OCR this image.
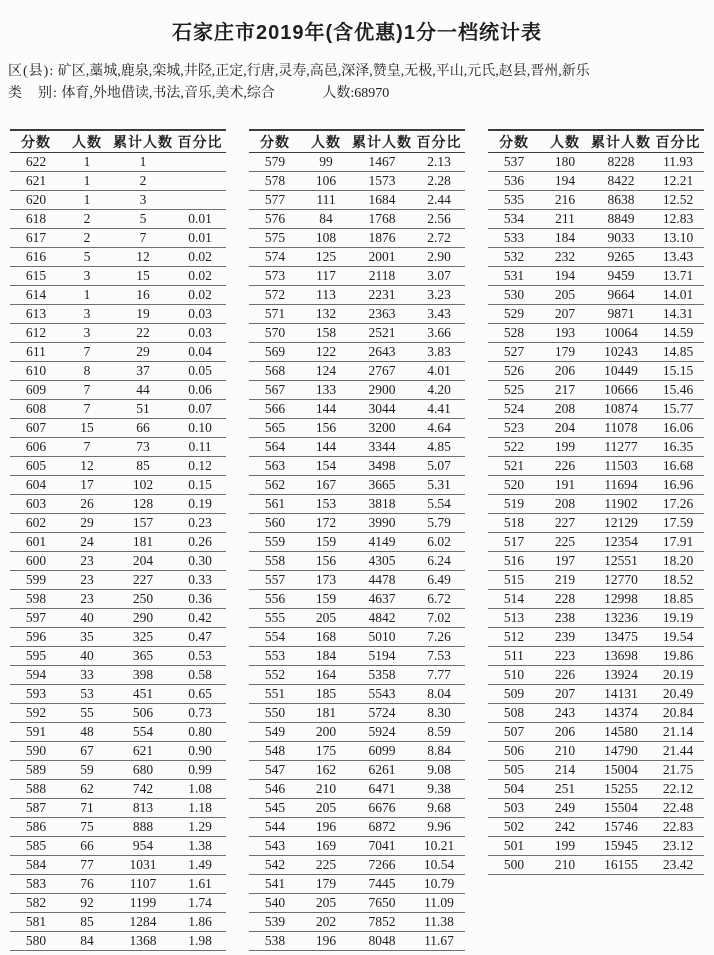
石家庄市2019年(含优惠)1分一档统计表
区(县): 矿区,藁城,鹿泉,栾城,井陉,正定,行唐,灵寿,高邑,深泽,赞皇,无极,平山,元氏,赵县,晋州,新乐
类　别: 体育,外地借读,书法,音乐,美术,综合	人数:68970
分数	人数	累计人数	百分比
622	1	1	
621	1	2	
620	1	3	
618	2	5	0.01
617	2	7	0.01
616	5	12	0.02
615	3	15	0.02
614	1	16	0.02
613	3	19	0.03
612	3	22	0.03
611	7	29	0.04
610	8	37	0.05
609	7	44	0.06
608	7	51	0.07
607	15	66	0.10
606	7	73	0.11
605	12	85	0.12
604	17	102	0.15
603	26	128	0.19
602	29	157	0.23
601	24	181	0.26
600	23	204	0.30
599	23	227	0.33
598	23	250	0.36
597	40	290	0.42
596	35	325	0.47
595	40	365	0.53
594	33	398	0.58
593	53	451	0.65
592	55	506	0.73
591	48	554	0.80
590	67	621	0.90
589	59	680	0.99
588	62	742	1.08
587	71	813	1.18
586	75	888	1.29
585	66	954	1.38
584	77	1031	1.49
583	76	1107	1.61
582	92	1199	1.74
581	85	1284	1.86
580	84	1368	1.98
分数	人数	累计人数	百分比
579	99	1467	2.13
578	106	1573	2.28
577	111	1684	2.44
576	84	1768	2.56
575	108	1876	2.72
574	125	2001	2.90
573	117	2118	3.07
572	113	2231	3.23
571	132	2363	3.43
570	158	2521	3.66
569	122	2643	3.83
568	124	2767	4.01
567	133	2900	4.20
566	144	3044	4.41
565	156	3200	4.64
564	144	3344	4.85
563	154	3498	5.07
562	167	3665	5.31
561	153	3818	5.54
560	172	3990	5.79
559	159	4149	6.02
558	156	4305	6.24
557	173	4478	6.49
556	159	4637	6.72
555	205	4842	7.02
554	168	5010	7.26
553	184	5194	7.53
552	164	5358	7.77
551	185	5543	8.04
550	181	5724	8.30
549	200	5924	8.59
548	175	6099	8.84
547	162	6261	9.08
546	210	6471	9.38
545	205	6676	9.68
544	196	6872	9.96
543	169	7041	10.21
542	225	7266	10.54
541	179	7445	10.79
540	205	7650	11.09
539	202	7852	11.38
538	196	8048	11.67
分数	人数	累计人数	百分比
537	180	8228	11.93
536	194	8422	12.21
535	216	8638	12.52
534	211	8849	12.83
533	184	9033	13.10
532	232	9265	13.43
531	194	9459	13.71
530	205	9664	14.01
529	207	9871	14.31
528	193	10064	14.59
527	179	10243	14.85
526	206	10449	15.15
525	217	10666	15.46
524	208	10874	15.77
523	204	11078	16.06
522	199	11277	16.35
521	226	11503	16.68
520	191	11694	16.96
519	208	11902	17.26
518	227	12129	17.59
517	225	12354	17.91
516	197	12551	18.20
515	219	12770	18.52
514	228	12998	18.85
513	238	13236	19.19
512	239	13475	19.54
511	223	13698	19.86
510	226	13924	20.19
509	207	14131	20.49
508	243	14374	20.84
507	206	14580	21.14
506	210	14790	21.44
505	214	15004	21.75
504	251	15255	22.12
503	249	15504	22.48
502	242	15746	22.83
501	199	15945	23.12
500	210	16155	23.42
